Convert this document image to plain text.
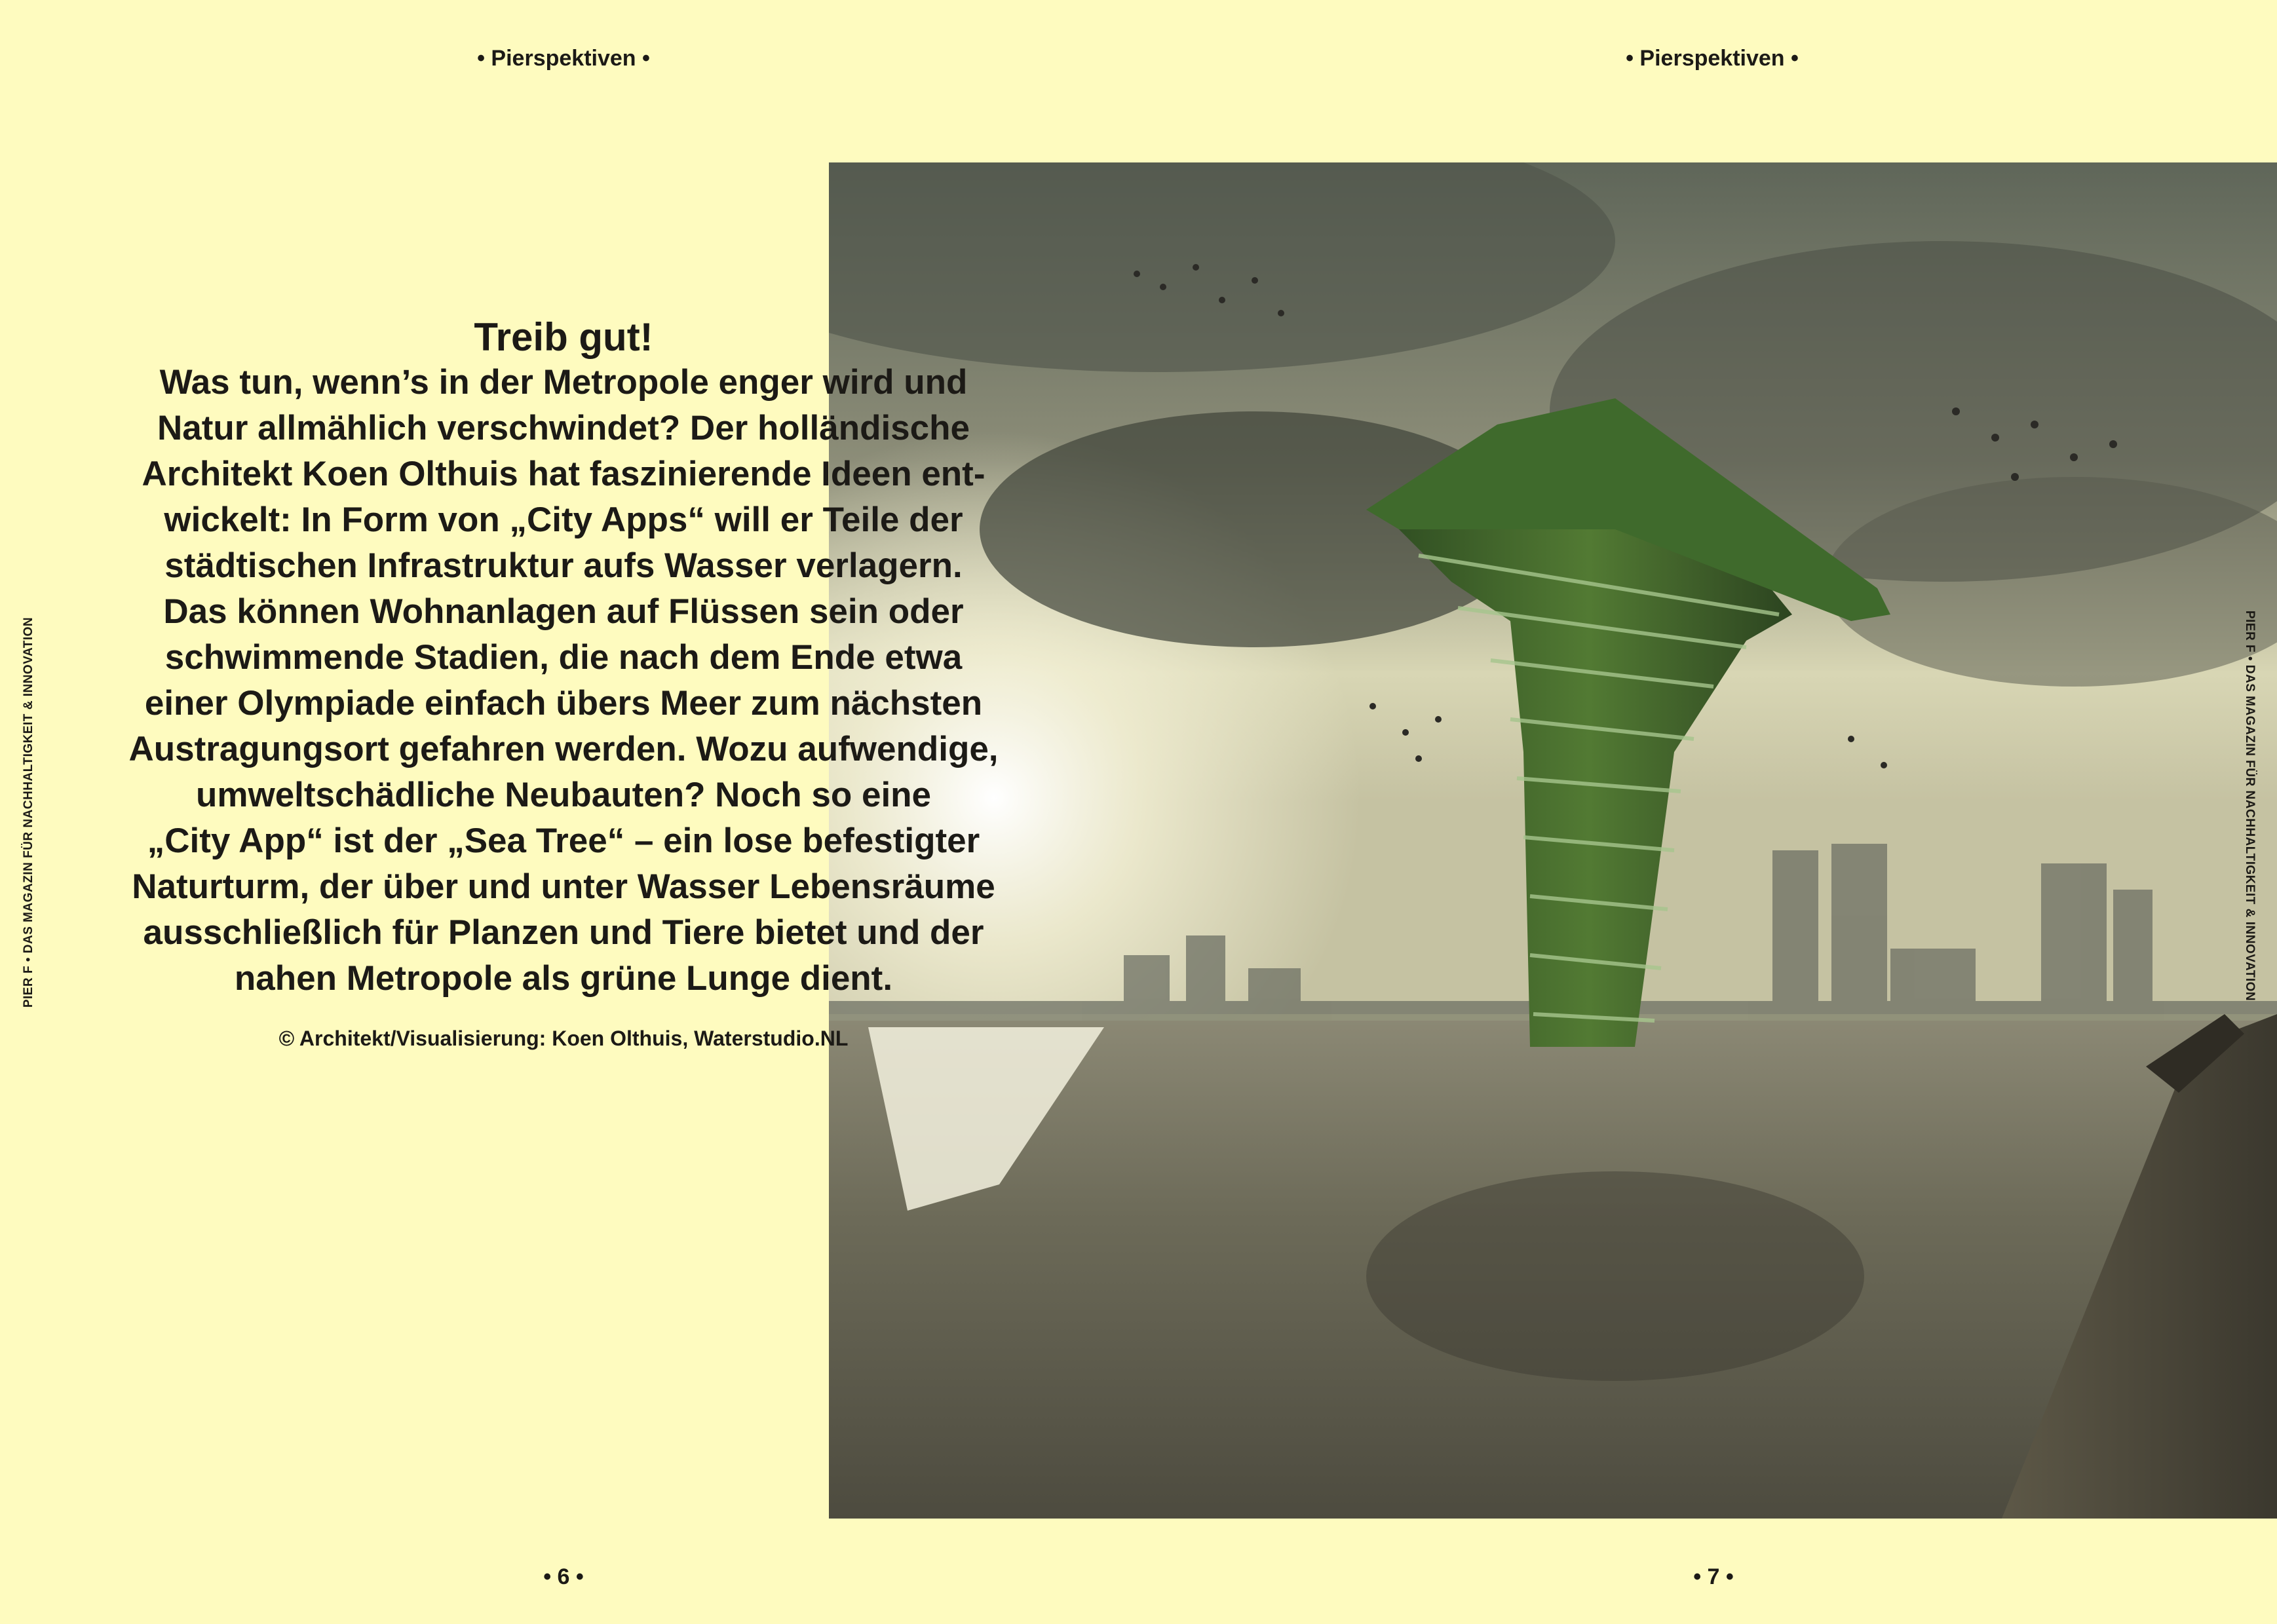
• Pierspektiven •	• Pierspektiven •
PIER F • DAS MAGAZIN FÜR NACHHALTIGKEIT & INNOVATION	PIER F • DAS MAGAZIN FÜR NACHHALTIGKEIT & INNOVATION

Treib gut!

Was tun, wenn’s in der Metropole enger wird und
Natur allmählich verschwindet? Der holländische
Architekt Koen Olthuis hat faszinierende Ideen ent-
wickelt: In Form von „City Apps“ will er Teile der
städtischen Infrastruktur aufs Wasser verlagern.
Das können Wohnanlagen auf Flüssen sein oder
schwimmende Stadien, die nach dem Ende etwa
einer Olympiade einfach übers Meer zum nächsten
Austragungsort gefahren werden. Wozu aufwendige,
umweltschädliche Neubauten? Noch so eine
„City App“ ist der „Sea Tree“ – ein lose befestigter
Naturturm, der über und unter Wasser Lebensräume
ausschließlich für Planzen und Tiere bietet und der
nahen Metropole als grüne Lunge dient.

© Architekt/Visualisierung: Koen Olthuis, Waterstudio.NL
• 6 •	• 7 •
